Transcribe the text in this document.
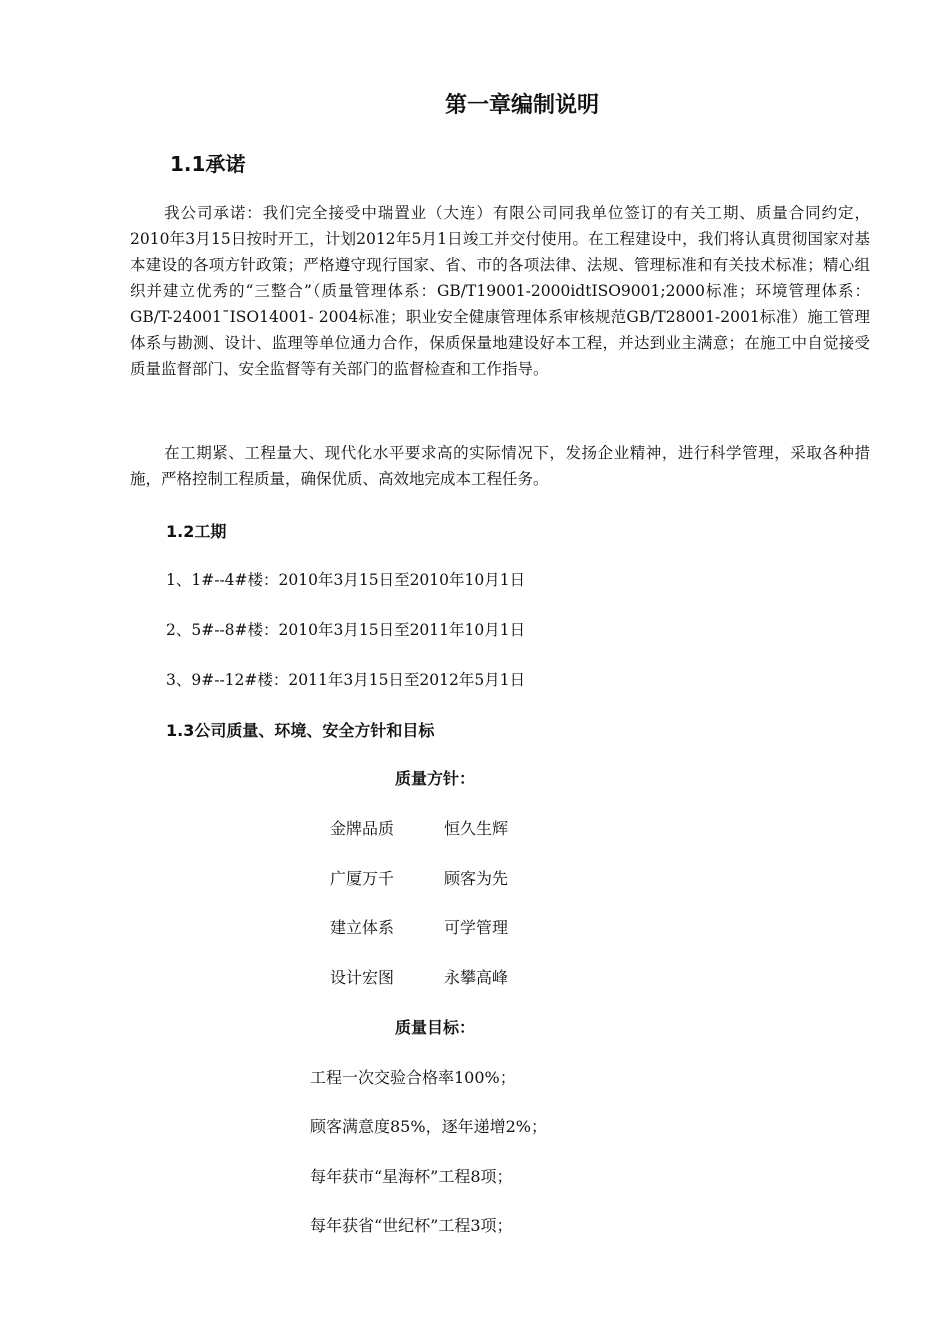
第一章编制说明
1.1承诺

我公司承诺：我们完全接受中瑞置业（大连）有限公司同我单位签订的有关工期、质量合同约定，2010年3月15日按时开工，计划2012年5月1日竣工并交付使用。在工程建设中，我们将认真贯彻国家对基本建设的各项方针政策；严格遵守现行国家、省、市的各项法律、法规、管理标准和有关技术标准；精心组织并建立优秀的“三整合”（质量管理体系：GB/T19001-2000idtISO9001;2000标准；环境管理体系：GB/T-24001¯ISO14001- 2004标准；职业安全健康管理体系审核规范GB/T28001-2001标准）施工管理体系与勘测、设计、监理等单位通力合作，保质保量地建设好本工程，并达到业主满意；在施工中自觉接受质量监督部门、安全监督等有关部门的监督检查和工作指导。

在工期紧、工程量大、现代化水平要求高的实际情况下，发扬企业精神，进行科学管理，采取各种措施，严格控制工程质量，确保优质、高效地完成本工程任务。

1.2工期
1、1#--4#楼：2010年3月15日至2010年10月1日
2、5#--8#楼：2010年3月15日至2011年10月1日
3、9#--12#楼：2011年3月15日至2012年5月1日
1.3公司质量、环境、安全方针和目标
质量方针：
金牌品质	恒久生辉
广厦万千	顾客为先
建立体系	可学管理
设计宏图	永攀高峰
质量目标：
工程一次交验合格率100%；
顾客满意度85%，逐年递增2%；
每年获市“星海杯”工程8项；
每年获省“世纪杯”工程3项；
